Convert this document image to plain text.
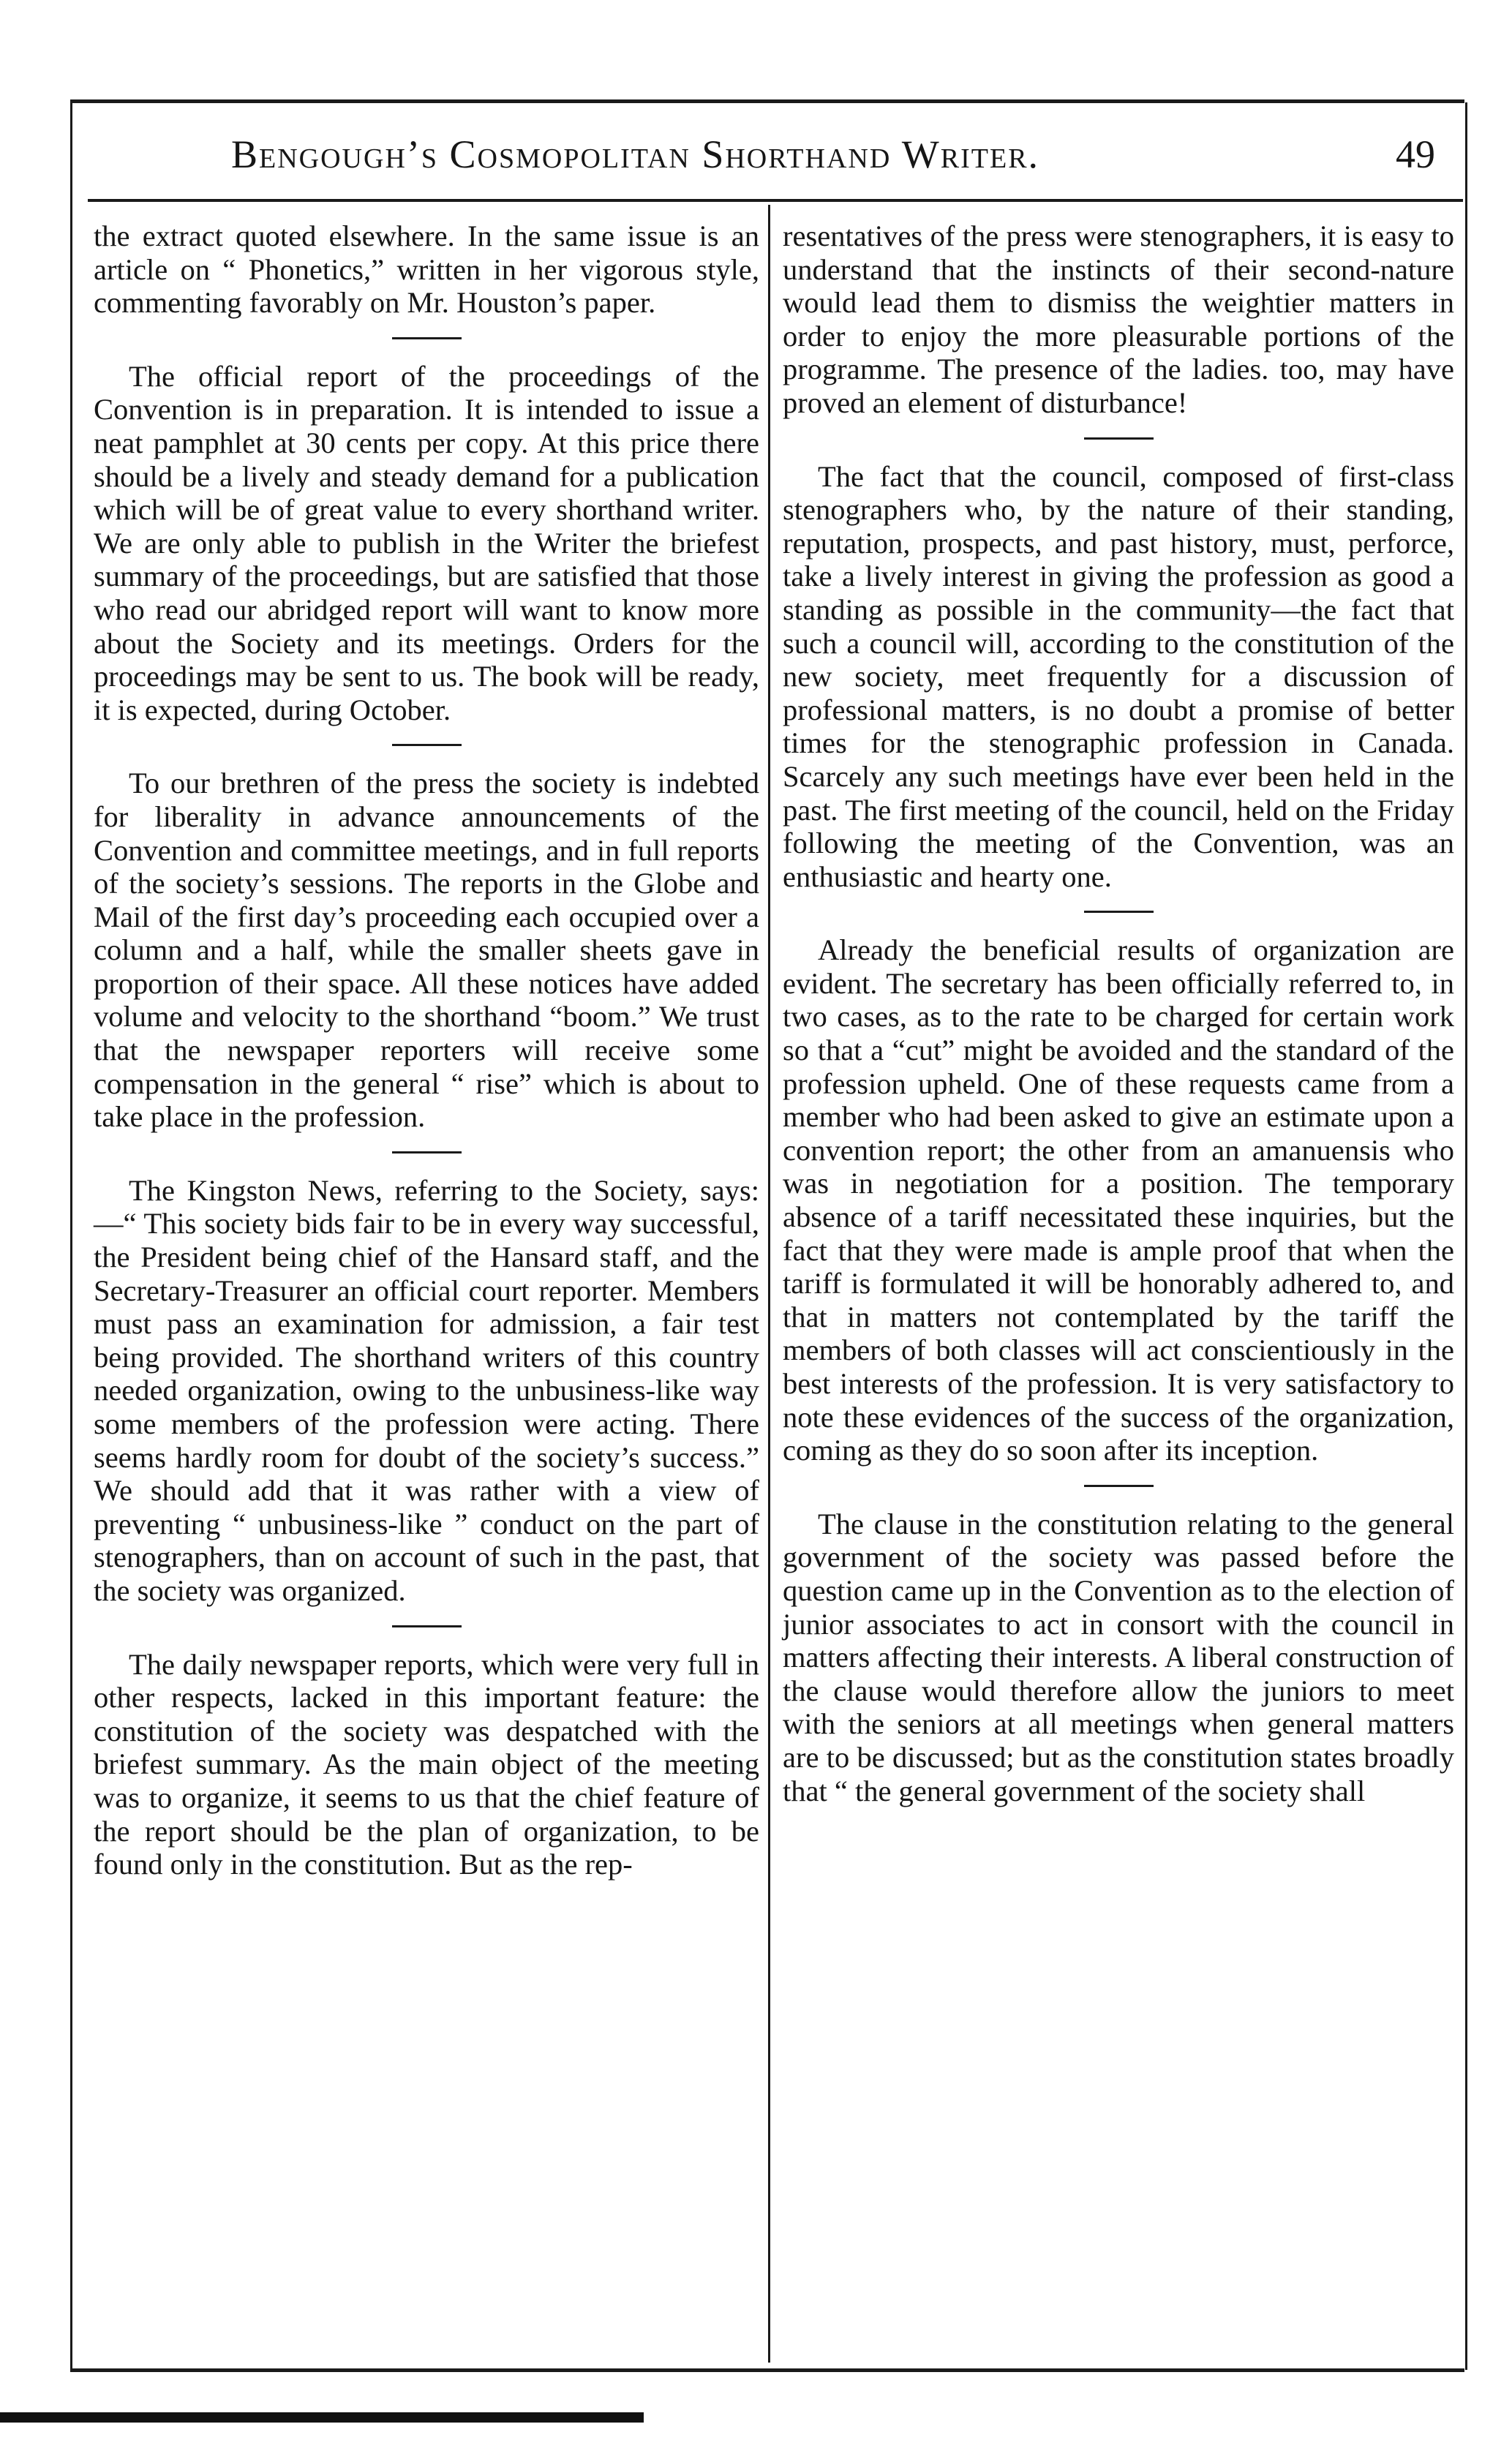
Bengough’s Cosmopolitan Shorthand Writer.	49

the extract quoted elsewhere. In the same issue is an article on “ Phonetics,” written in her vigorous style, commenting favorably on Mr. Houston’s paper.

The official report of the proceedings of the Convention is in preparation. It is intended to issue a neat pamphlet at 30 cents per copy. At this price there should be a lively and steady demand for a publication which will be of great value to every shorthand writer. We are only able to publish in the Writer the briefest summary of the proceedings, but are satisfied that those who read our abridged report will want to know more about the Society and its meetings. Orders for the proceedings may be sent to us. The book will be ready, it is expected, during October.

To our brethren of the press the society is indebted for liberality in advance announcements of the Convention and committee meetings, and in full reports of the society’s sessions. The reports in the Globe and Mail of the first day’s proceeding each occupied over a column and a half, while the smaller sheets gave in proportion of their space. All these notices have added volume and velocity to the shorthand “boom.” We trust that the newspaper reporters will receive some compensation in the general “ rise” which is about to take place in the profession.

The Kingston News, referring to the Society, says:—“ This society bids fair to be in every way successful, the President being chief of the Hansard staff, and the Secretary-Treasurer an official court reporter. Members must pass an examination for admission, a fair test being provided. The shorthand writers of this country needed organization, owing to the unbusiness-like way some members of the profession were acting. There seems hardly room for doubt of the society’s success.” We should add that it was rather with a view of preventing “ unbusiness-like ” conduct on the part of stenographers, than on account of such in the past, that the society was organized.

The daily newspaper reports, which were very full in other respects, lacked in this important feature: the constitution of the society was despatched with the briefest summary. As the main object of the meeting was to organize, it seems to us that the chief feature of the report should be the plan of organization, to be found only in the constitution. But as the rep-

resentatives of the press were stenographers, it is easy to understand that the instincts of their second-nature would lead them to dismiss the weightier matters in order to enjoy the more pleasurable portions of the programme. The presence of the ladies. too, may have proved an element of disturbance!

The fact that the council, composed of first-class stenographers who, by the nature of their standing, reputation, prospects, and past history, must, perforce, take a lively interest in giving the profession as good a standing as possible in the community—the fact that such a council will, according to the constitution of the new society, meet frequently for a discussion of professional matters, is no doubt a promise of better times for the stenographic profession in Canada. Scarcely any such meetings have ever been held in the past. The first meeting of the council, held on the Friday following the meeting of the Convention, was an enthusiastic and hearty one.

Already the beneficial results of organization are evident. The secretary has been officially referred to, in two cases, as to the rate to be charged for certain work so that a “cut” might be avoided and the standard of the profession upheld. One of these requests came from a member who had been asked to give an estimate upon a convention report; the other from an amanuensis who was in negotiation for a position. The temporary absence of a tariff necessitated these inquiries, but the fact that they were made is ample proof that when the tariff is formulated it will be honorably adhered to, and that in matters not contemplated by the tariff the members of both classes will act conscientiously in the best interests of the profession. It is very satisfactory to note these evidences of the success of the organization, coming as they do so soon after its inception.

The clause in the constitution relating to the general government of the society was passed before the question came up in the Convention as to the election of junior associates to act in consort with the council in matters affecting their interests. A liberal construction of the clause would therefore allow the juniors to meet with the seniors at all meetings when general matters are to be discussed; but as the constitution states broadly that “ the general government of the society shall
